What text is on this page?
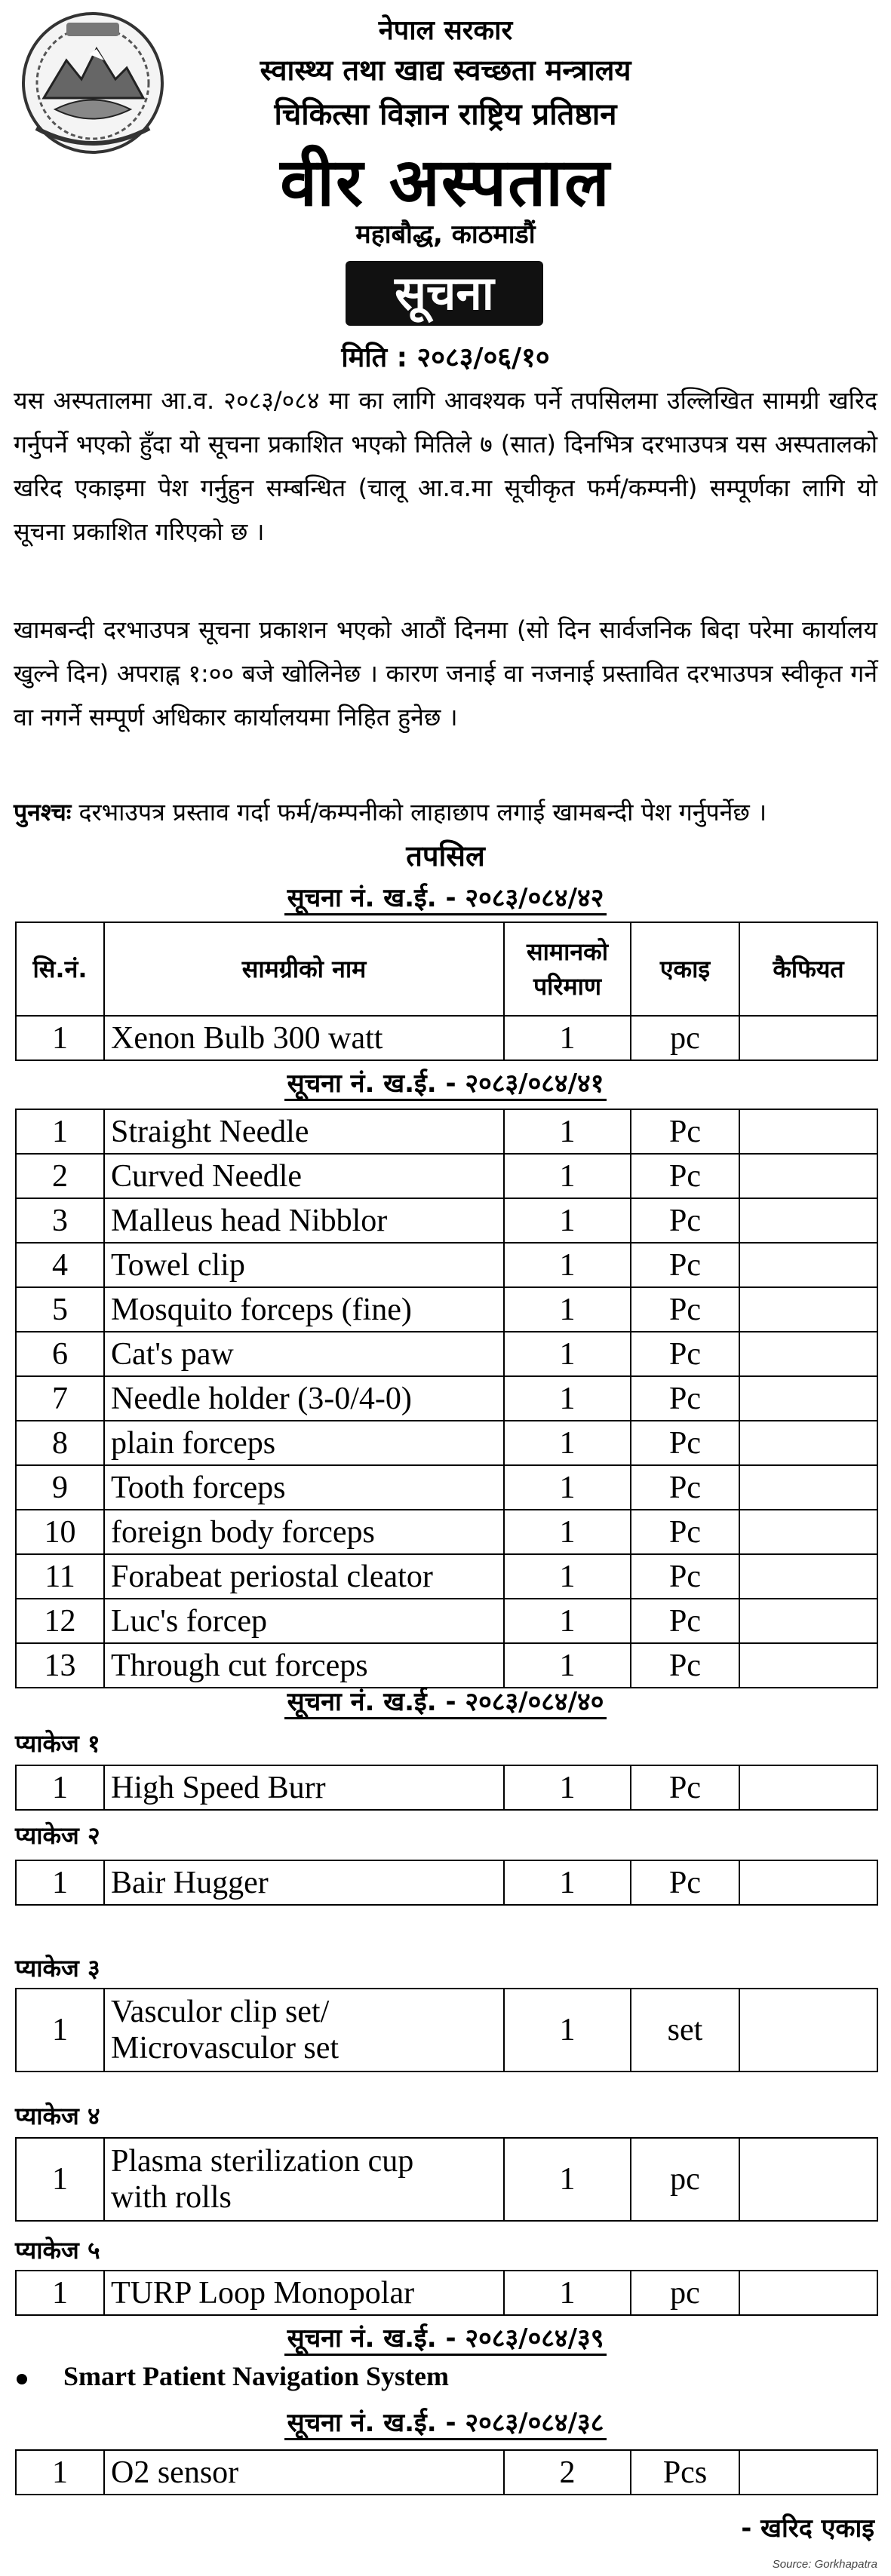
नेपाल सरकार
स्वास्थ्य तथा खाद्य स्वच्छता मन्त्रालय
चिकित्सा विज्ञान राष्ट्रिय प्रतिष्ठान
वीर अस्पताल
महाबौद्ध, काठमाडौं
सूचना
मिति : २०८३/०६/१०
यस अस्पतालमा आ.व. २०८३/०८४ मा का लागि आवश्यक पर्ने तपसिलमा उल्लिखित सामग्री खरिद गर्नुपर्ने भएको हुँदा यो सूचना प्रकाशित भएको मितिले ७ (सात) दिनभित्र दरभाउपत्र यस अस्पतालको खरिद एकाइमा पेश गर्नुहुन सम्बन्धित (चालू आ.व.मा सूचीकृत फर्म/कम्पनी) सम्पूर्णका लागि यो सूचना प्रकाशित गरिएको छ ।
खामबन्दी दरभाउपत्र सूचना प्रकाशन भएको आठौं दिनमा (सो दिन सार्वजनिक बिदा परेमा कार्यालय खुल्ने दिन) अपराह्न १:०० बजे खोलिनेछ । कारण जनाई वा नजनाई प्रस्तावित दरभाउपत्र स्वीकृत गर्ने वा नगर्ने सम्पूर्ण अधिकार कार्यालयमा निहित हुनेछ ।
पुनश्चः दरभाउपत्र प्रस्ताव गर्दा फर्म/कम्पनीको लाहाछाप लगाई खामबन्दी पेश गर्नुपर्नेछ ।
तपसिल
सूचना नं. ख.ई. - २०८३/०८४/४२
सि.नं.	सामग्रीको नाम	सामानको परिमाण	एकाइ	कैफियत
1	Xenon Bulb 300 watt	1	pc	
सूचना नं. ख.ई. - २०८३/०८४/४१
1	Straight Needle	1	Pc	
2	Curved Needle	1	Pc	
3	Malleus head Nibblor	1	Pc	
4	Towel clip	1	Pc	
5	Mosquito forceps (fine)	1	Pc	
6	Cat's paw	1	Pc	
7	Needle holder (3-0/4-0)	1	Pc	
8	plain forceps	1	Pc	
9	Tooth forceps	1	Pc	
10	foreign body forceps	1	Pc	
11	Forabeat periostal cleator	1	Pc	
12	Luc's forcep	1	Pc	
13	Through cut forceps	1	Pc	
सूचना नं. ख.ई. - २०८३/०८४/४०
प्याकेज १
1	High Speed Burr	1	Pc	
प्याकेज २
1	Bair Hugger	1	Pc	
प्याकेज ३
1	Vasculor clip set/
Microvasculor set	1	set	
प्याकेज ४
1	Plasma sterilization cup
with rolls	1	pc	
प्याकेज ५
1	TURP Loop Monopolar	1	pc	
सूचना नं. ख.ई. - २०८३/०८४/३९
Smart Patient Navigation System
सूचना नं. ख.ई. - २०८३/०८४/३८
1	O2 sensor	2	Pcs	
- खरिद एकाइ
Source: Gorkhapatra
